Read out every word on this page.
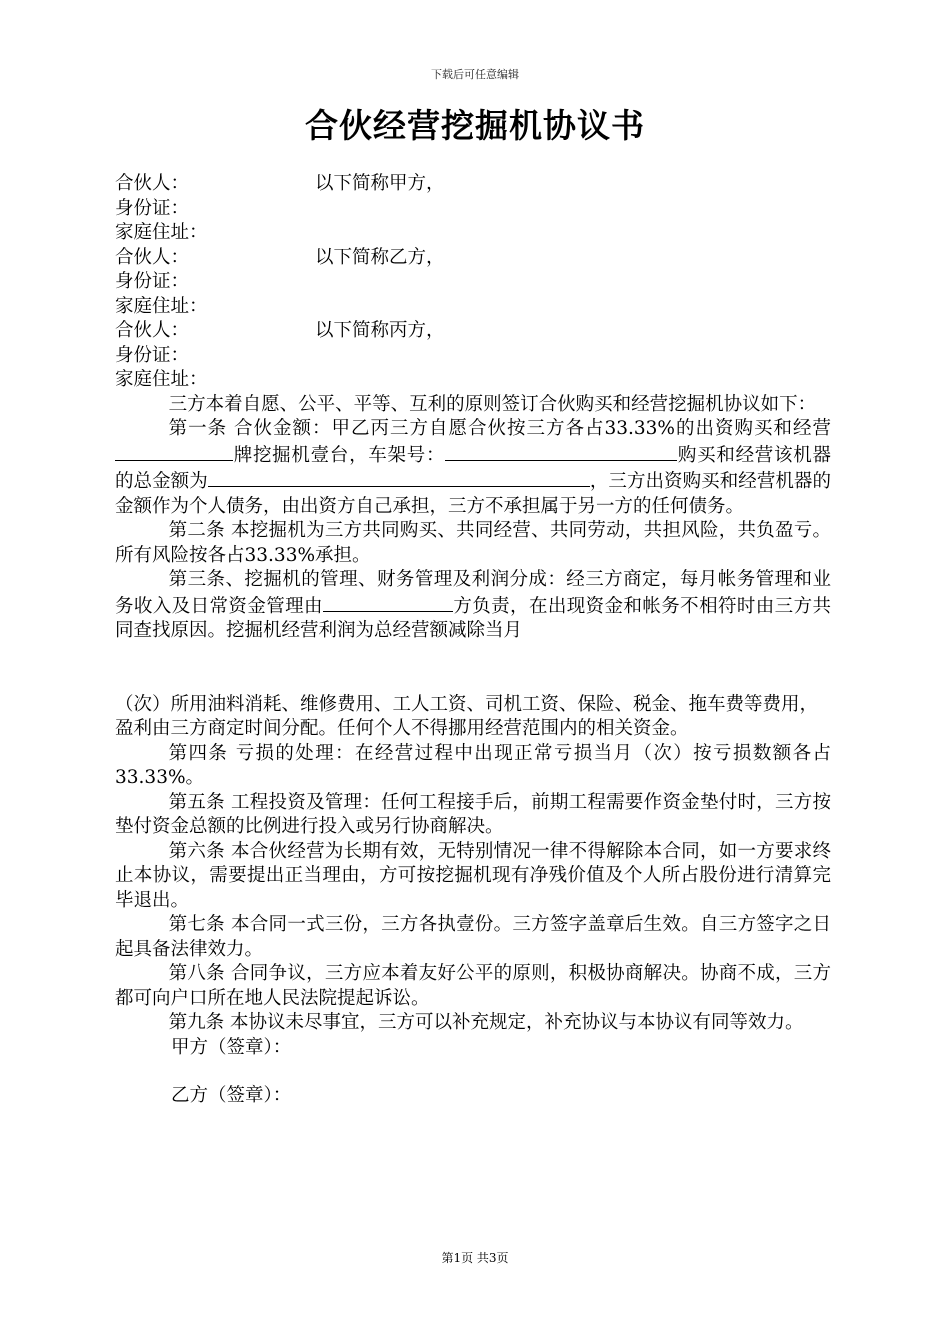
下载后可任意编辑
合伙经营挖掘机协议书
合伙人：	以下简称甲方，
身份证：
家庭住址：
合伙人：	以下简称乙方，
身份证：
家庭住址：
合伙人：	以下简称丙方，
身份证：
家庭住址：
三方本着自愿、公平、平等、互利的原则签订合伙购买和经营挖掘机协议如下：
第一条 合伙金额：甲乙丙三方自愿合伙按三方各占33.33%的出资购买和经营牌挖掘机壹台，车架号：	购买和经营该机器的总金额为	，三方出资购买和经营机器的金额作为个人债务，由出资方自己承担，三方不承担属于另一方的任何债务。
第二条 本挖掘机为三方共同购买、共同经营、共同劳动，共担风险，共负盈亏。所有风险按各占33.33%承担。
第三条、挖掘机的管理、财务管理及利润分成：经三方商定，每月帐务管理和业务收入及日常资金管理由	方负责，在出现资金和帐务不相符时由三方共同查找原因。挖掘机经营利润为总经营额减除当月
（次）所用油料消耗、维修费用、工人工资、司机工资、保险、税金、拖车费等费用，盈利由三方商定时间分配。任何个人不得挪用经营范围内的相关资金。
第四条 亏损的处理：在经营过程中出现正常亏损当月（次）按亏损数额各占33.33%。
第五条 工程投资及管理：任何工程接手后，前期工程需要作资金垫付时，三方按垫付资金总额的比例进行投入或另行协商解决。
第六条 本合伙经营为长期有效，无特别情况一律不得解除本合同，如一方要求终止本协议，需要提出正当理由，方可按挖掘机现有净残价值及个人所占股份进行清算完毕退出。
第七条 本合同一式三份，三方各执壹份。三方签字盖章后生效。自三方签字之日起具备法律效力。
第八条 合同争议，三方应本着友好公平的原则，积极协商解决。协商不成，三方都可向户口所在地人民法院提起诉讼。
第九条 本协议未尽事宜，三方可以补充规定，补充协议与本协议有同等效力。
甲方（签章）：
乙方（签章）：
第1页 共3页
